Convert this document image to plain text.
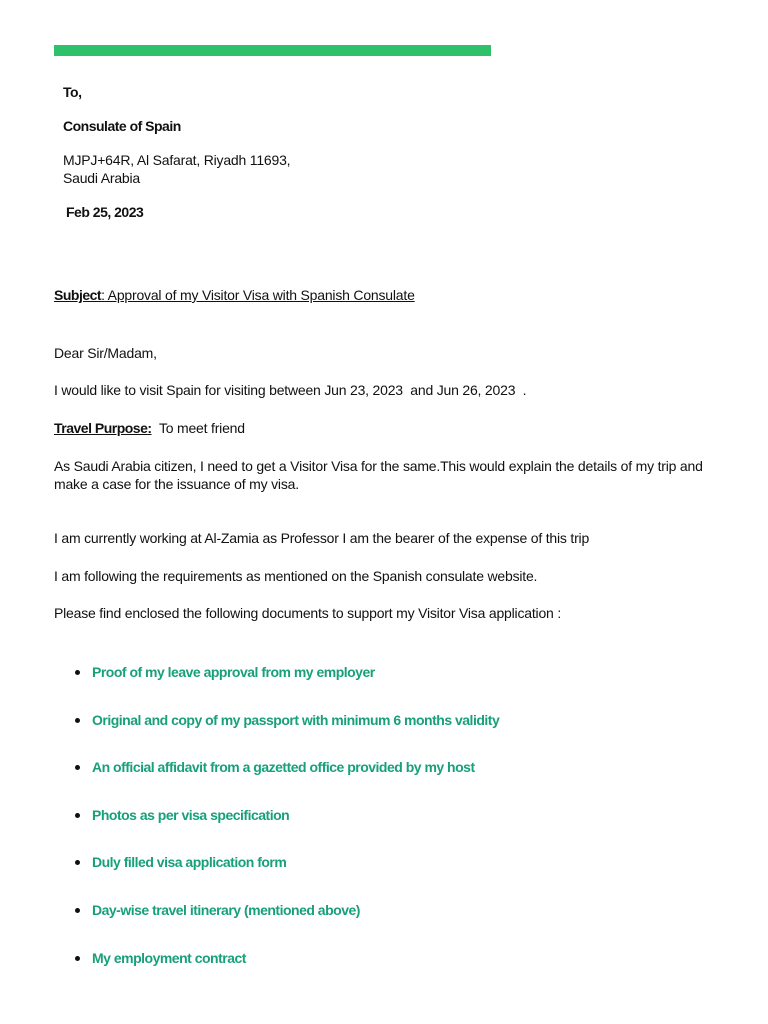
To,
Consulate of Spain
MJPJ+64R, Al Safarat, Riyadh 11693,
Saudi Arabia
Feb 25, 2023
Subject: Approval of my Visitor Visa with Spanish Consulate
Dear Sir/Madam,
I would like to visit Spain for visiting between Jun 23, 2023  and Jun 26, 2023  .
Travel Purpose: To meet friend
As Saudi Arabia citizen, I need to get a Visitor Visa for the same.This would explain the details of my trip and make a case for the issuance of my visa.
I am currently working at Al-Zamia as Professor I am the bearer of the expense of this trip
I am following the requirements as mentioned on the Spanish consulate website.
Please find enclosed the following documents to support my Visitor Visa application :
Proof of my leave approval from my employer
Original and copy of my passport with minimum 6 months validity
An official affidavit from a gazetted office provided by my host
Photos as per visa specification
Duly filled visa application form
Day-wise travel itinerary (mentioned above)
My employment contract
